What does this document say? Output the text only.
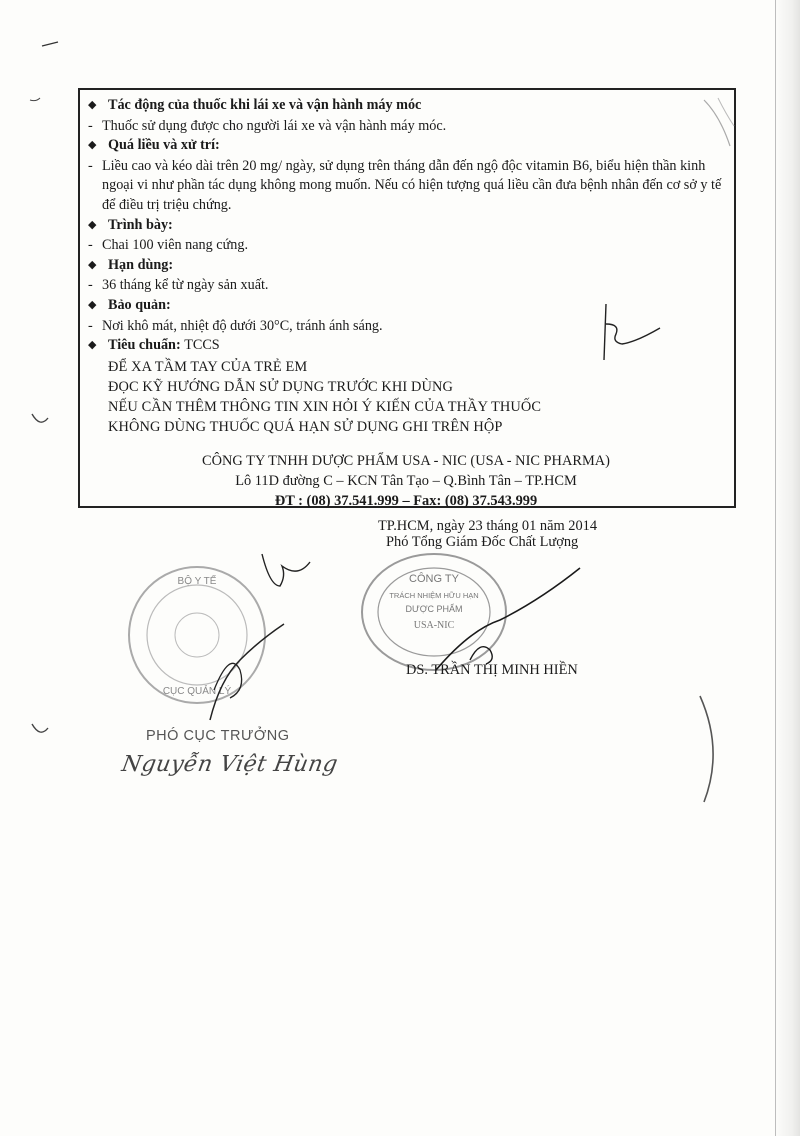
◆ Tác động của thuốc khi lái xe và vận hành máy móc
- Thuốc sử dụng được cho người lái xe và vận hành máy móc.
◆ Quá liều và xử trí:
- Liều cao và kéo dài trên 20 mg/ ngày, sử dụng trên tháng dẫn đến ngộ độc vitamin B6, biểu hiện thần kinh ngoại vi như phần tác dụng không mong muốn. Nếu có hiện tượng quá liều cần đưa bệnh nhân đến cơ sở y tế để điều trị triệu chứng.
◆ Trình bày:
- Chai 100 viên nang cứng.
◆ Hạn dùng:
- 36 tháng kể từ ngày sản xuất.
◆ Bảo quản:
- Nơi khô mát, nhiệt độ dưới 30°C, tránh ánh sáng.
◆ Tiêu chuẩn:
TCCS
ĐỂ XA TẦM TAY CỦA TRẺ EM
ĐỌC KỸ HƯỚNG DẪN SỬ DỤNG TRƯỚC KHI DÙNG
NẾU CẦN THÊM THÔNG TIN XIN HỎI Ý KIẾN CỦA THẦY THUỐC
KHÔNG DÙNG THUỐC QUÁ HẠN SỬ DỤNG GHI TRÊN HỘP
CÔNG TY TNHH DƯỢC PHẨM USA - NIC (USA - NIC PHARMA)
Lô 11D đường C – KCN Tân Tạo – Q.Bình Tân – TP.HCM
ĐT : (08) 37.541.999 – Fax: (08) 37.543.999
TP.HCM, ngày 23 tháng 01 năm 2014
Phó Tổng Giám Đốc Chất Lượng
CÔNG TY
TRÁCH NHIỆM HỮU HẠN
DƯỢC PHẨM
USA-NIC
DS. TRẦN THỊ MINH HIỀN
BỘ Y TẾ
CỤC QUẢN LÝ
PHÓ CỤC TRƯỞNG
Nguyễn Việt Hùng
